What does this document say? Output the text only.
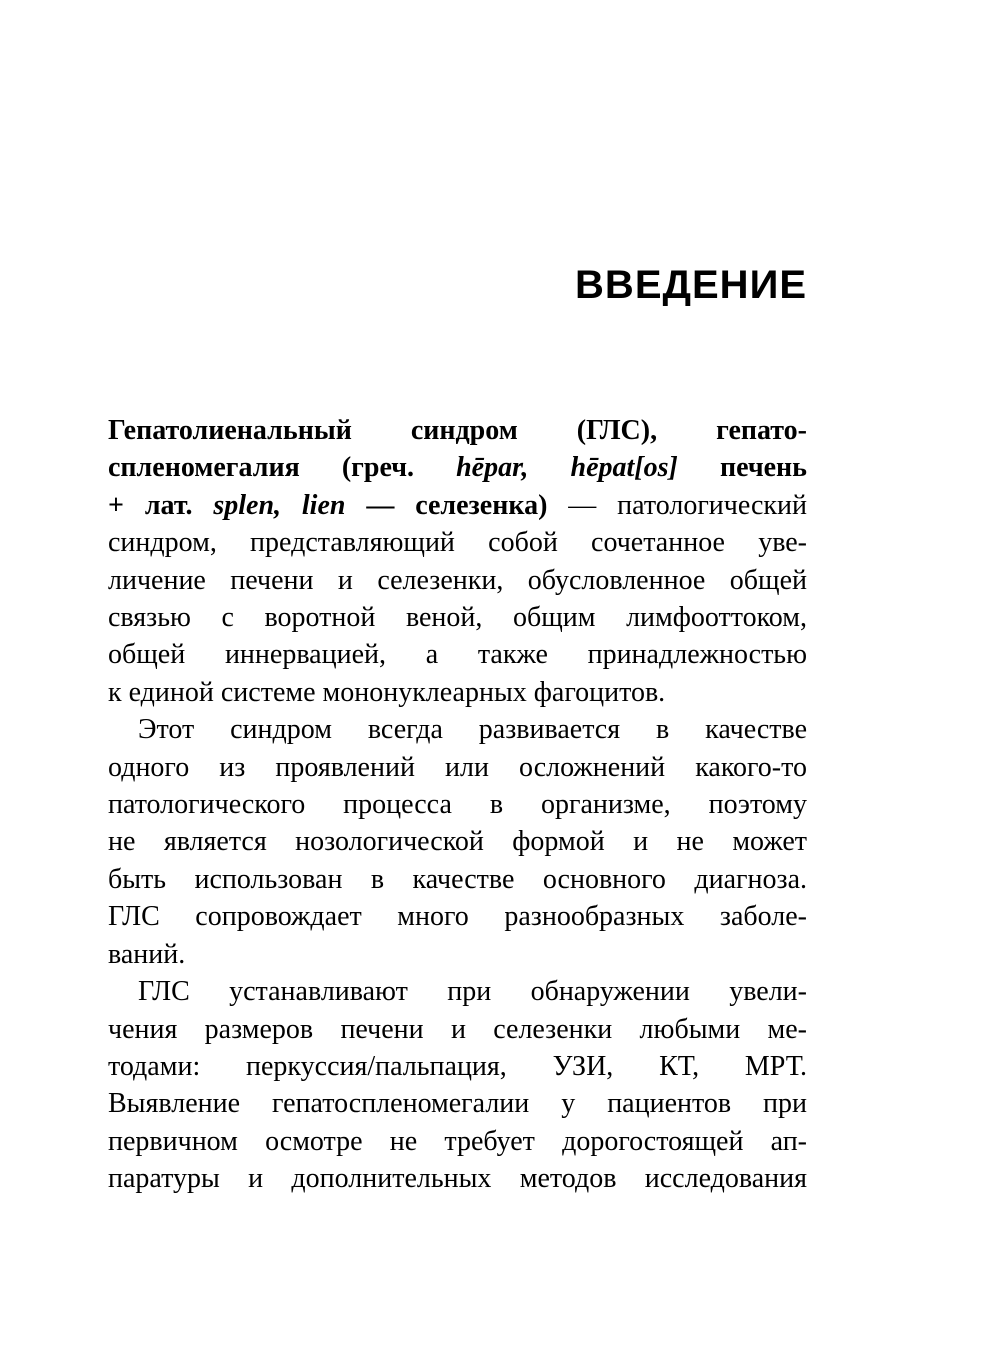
ВВЕДЕНИЕ
Гепатолиенальный синдром (ГЛС), гепато-
спленомегалия (греч. hēpar, hēpat[os] печень
+ лат. splen, lien — селезенка) — патологический
синдром, представляющий собой сочетанное уве-
личение печени и селезенки, обусловленное общей
связью с воротной веной, общим лимфооттоком,
общей иннервацией, а также принадлежностью
к единой системе мононуклеарных фагоцитов.
Этот синдром всегда развивается в качестве
одного из проявлений или осложнений какого-то
патологического процесса в организме, поэтому
не является нозологической формой и не может
быть использован в качестве основного диагноза.
ГЛС сопровождает много разнообразных заболе-
ваний.
ГЛС устанавливают при обнаружении увели-
чения размеров печени и селезенки любыми ме-
тодами: перкуссия/пальпация, УЗИ, КТ, МРТ.
Выявление гепатоспленомегалии у пациентов при
первичном осмотре не требует дорогостоящей ап-
паратуры и дополнительных методов исследования
